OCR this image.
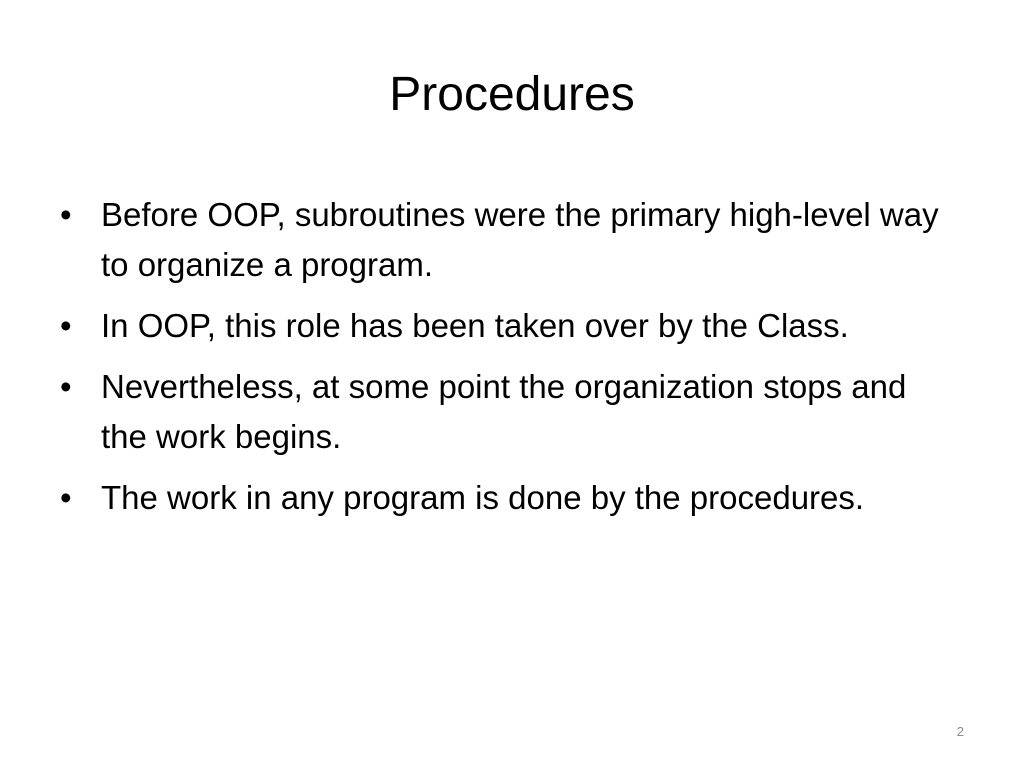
Procedures
• Before OOP, subroutines were the primary high-level way to organize a program.
• In OOP, this role has been taken over by the Class.
• Nevertheless, at some point the organization stops and the work begins.
• The work in any program is done by the procedures.
2
